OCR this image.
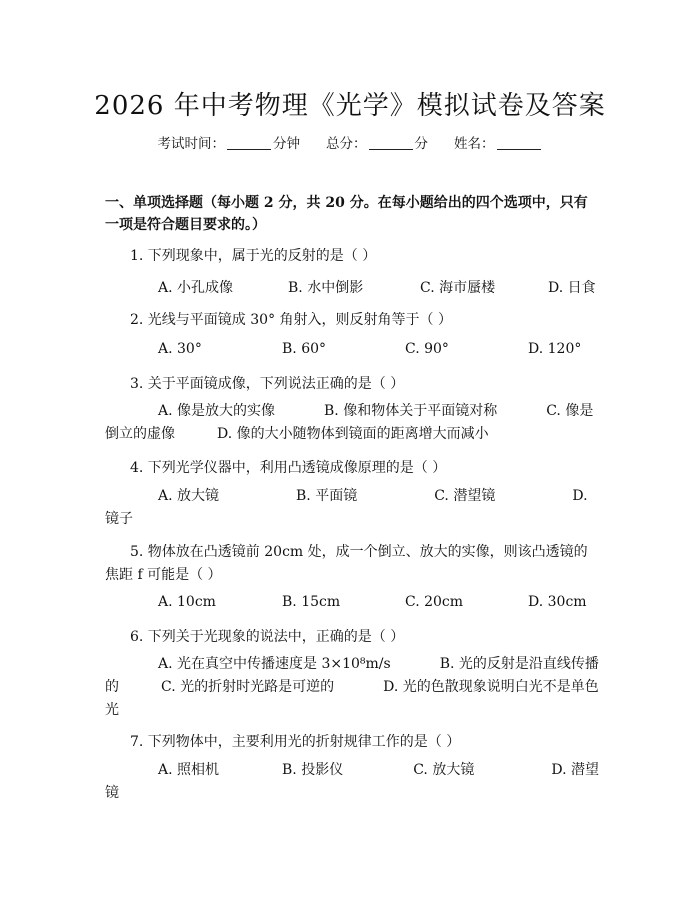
2026 年中考物理《光学》模拟试卷及答案
考试时间：	分钟 总分：	分 姓名：
一、单项选择题（每小题 2 分，共 20 分。在每小题给出的四个选项中，只有一项是符合题目要求的。）
1. 下列现象中，属于光的反射的是（ ）
A. 小孔成像	B. 水中倒影	C. 海市蜃楼	D. 日食
2. 光线与平面镜成 30° 角射入，则反射角等于（ ）
A. 30°	B. 60°	C. 90°	D. 120°
3. 关于平面镜成像，下列说法正确的是（ ）
A. 像是放大的实像    	B. 像和物体关于平面镜对称    	C. 像是倒立的虚像   	D. 像的大小随物体到镜面的距离增大而减小
4. 下列光学仪器中，利用凸透镜成像原理的是（ ）
A. 放大镜      	B. 平面镜      	C. 潜望镜      	D. 镜子
5. 物体放在凸透镜前 20cm 处，成一个倒立、放大的实像，则该凸透镜的焦距 f 可能是（ ）
A. 10cm	B. 15cm	C. 20cm	D. 30cm
6. 下列关于光现象的说法中，正确的是（ ）
A. 光在真空中传播速度是 3×10⁸m/s    	B. 光的反射是沿直线传播的   	C. 光的折射时光路是可逆的    	D. 光的色散现象说明白光不是单色光
7. 下列物体中，主要利用光的折射规律工作的是（ ）
A. 照相机     	B. 投影仪     	C. 放大镜      	D. 潜望镜
